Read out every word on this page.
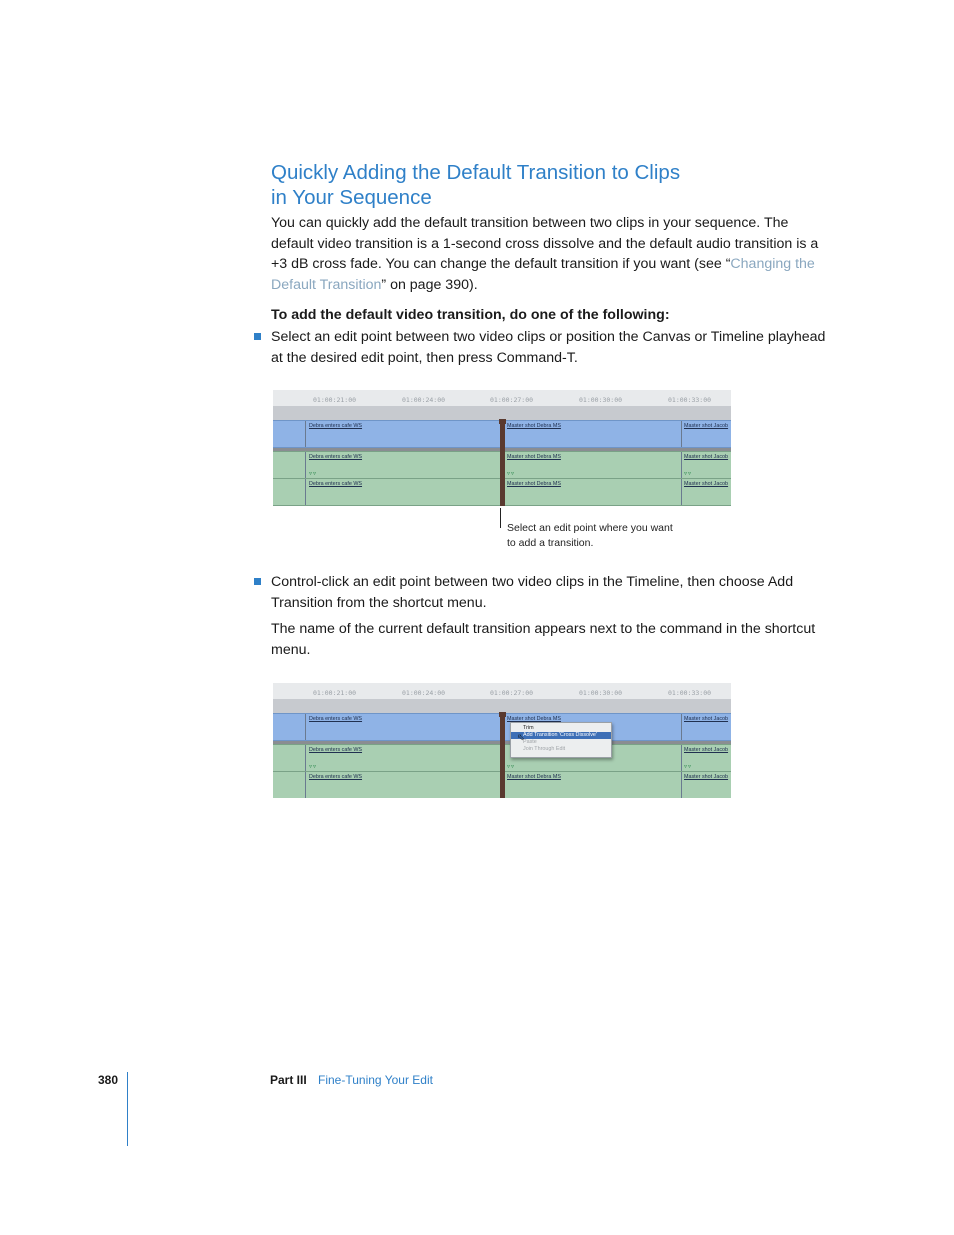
Quickly Adding the Default Transition to Clips
in Your Sequence

You can quickly add the default transition between two clips in your sequence. The default video transition is a 1-second cross dissolve and the default audio transition is a +3 dB cross fade. You can change the default transition if you want (see “Changing the Default Transition” on page 390).

To add the default video transition, do one of the following:

Select an edit point between two video clips or position the Canvas or Timeline playhead at the desired edit point, then press Command-T.

01:00:21:00	01:00:24:00	01:00:27:00	01:00:30:00	01:00:33:00
Debra enters cafe WS	Master shot Debra MS	Master shot Jacob
Debra enters cafe WS	Master shot Debra MS	Master shot Jacob
▿▿	▿▿	▿▿
Debra enters cafe WS	Master shot Debra MS	Master shot Jacob

Select an edit point where you want to add a transition.

Control-click an edit point between two video clips in the Timeline, then choose Add Transition from the shortcut menu.

The name of the current default transition appears next to the command in the shortcut menu.

01:00:21:00	01:00:24:00	01:00:27:00	01:00:30:00	01:00:33:00
Debra enters cafe WS	Master shot Debra MS	Master shot Jacob
Debra enters cafe WS	Master shot Jacob
▿▿	▿▿	▿▿
Debra enters cafe WS	Master shot Debra MS	Master shot Jacob
Trim
Add Transition 'Cross Dissolve'
Paste
Join Through Edit
⬁

380	Part III Fine-Tuning Your Edit
